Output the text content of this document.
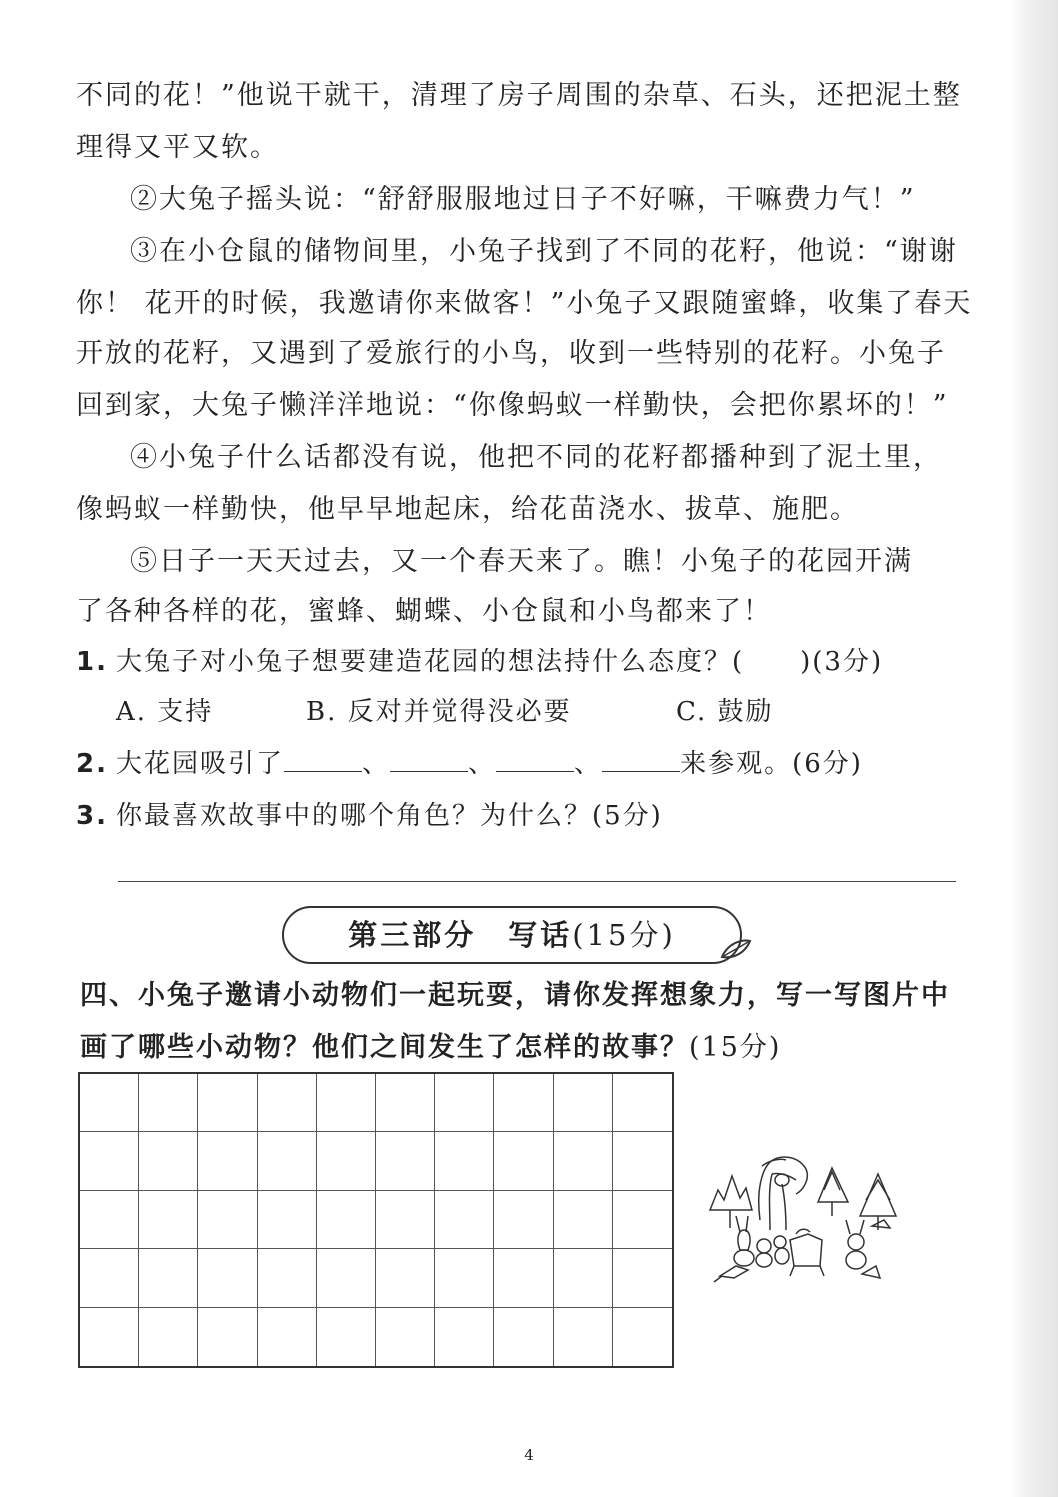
不同的花！”他说干就干，清理了房子周围的杂草、石头，还把泥土整
理得又平又软。
②大兔子摇头说：“舒舒服服地过日子不好嘛，干嘛费力气！”
③在小仓鼠的储物间里，小兔子找到了不同的花籽，他说：“谢谢
你！ 花开的时候，我邀请你来做客！”小兔子又跟随蜜蜂，收集了春天
开放的花籽，又遇到了爱旅行的小鸟，收到一些特别的花籽。小兔子
回到家，大兔子懒洋洋地说：“你像蚂蚁一样勤快，会把你累坏的！”
④小兔子什么话都没有说，他把不同的花籽都播种到了泥土里，
像蚂蚁一样勤快，他早早地起床，给花苗浇水、拔草、施肥。
⑤日子一天天过去，又一个春天来了。瞧！小兔子的花园开满
了各种各样的花，蜜蜂、蝴蝶、小仓鼠和小鸟都来了！
1. 大兔子对小兔子想要建造花园的想法持什么态度？(　　)(3分)
A. 支持	B. 反对并觉得没必要	C. 鼓励
2. 大花园吸引了	、	、	、	来参观。(6分)
3. 你最喜欢故事中的哪个角色？为什么？(5分)
第三部分　写话(15分)
四、小兔子邀请小动物们一起玩耍，请你发挥想象力，写一写图片中
画了哪些小动物？他们之间发生了怎样的故事？(15分)
4
